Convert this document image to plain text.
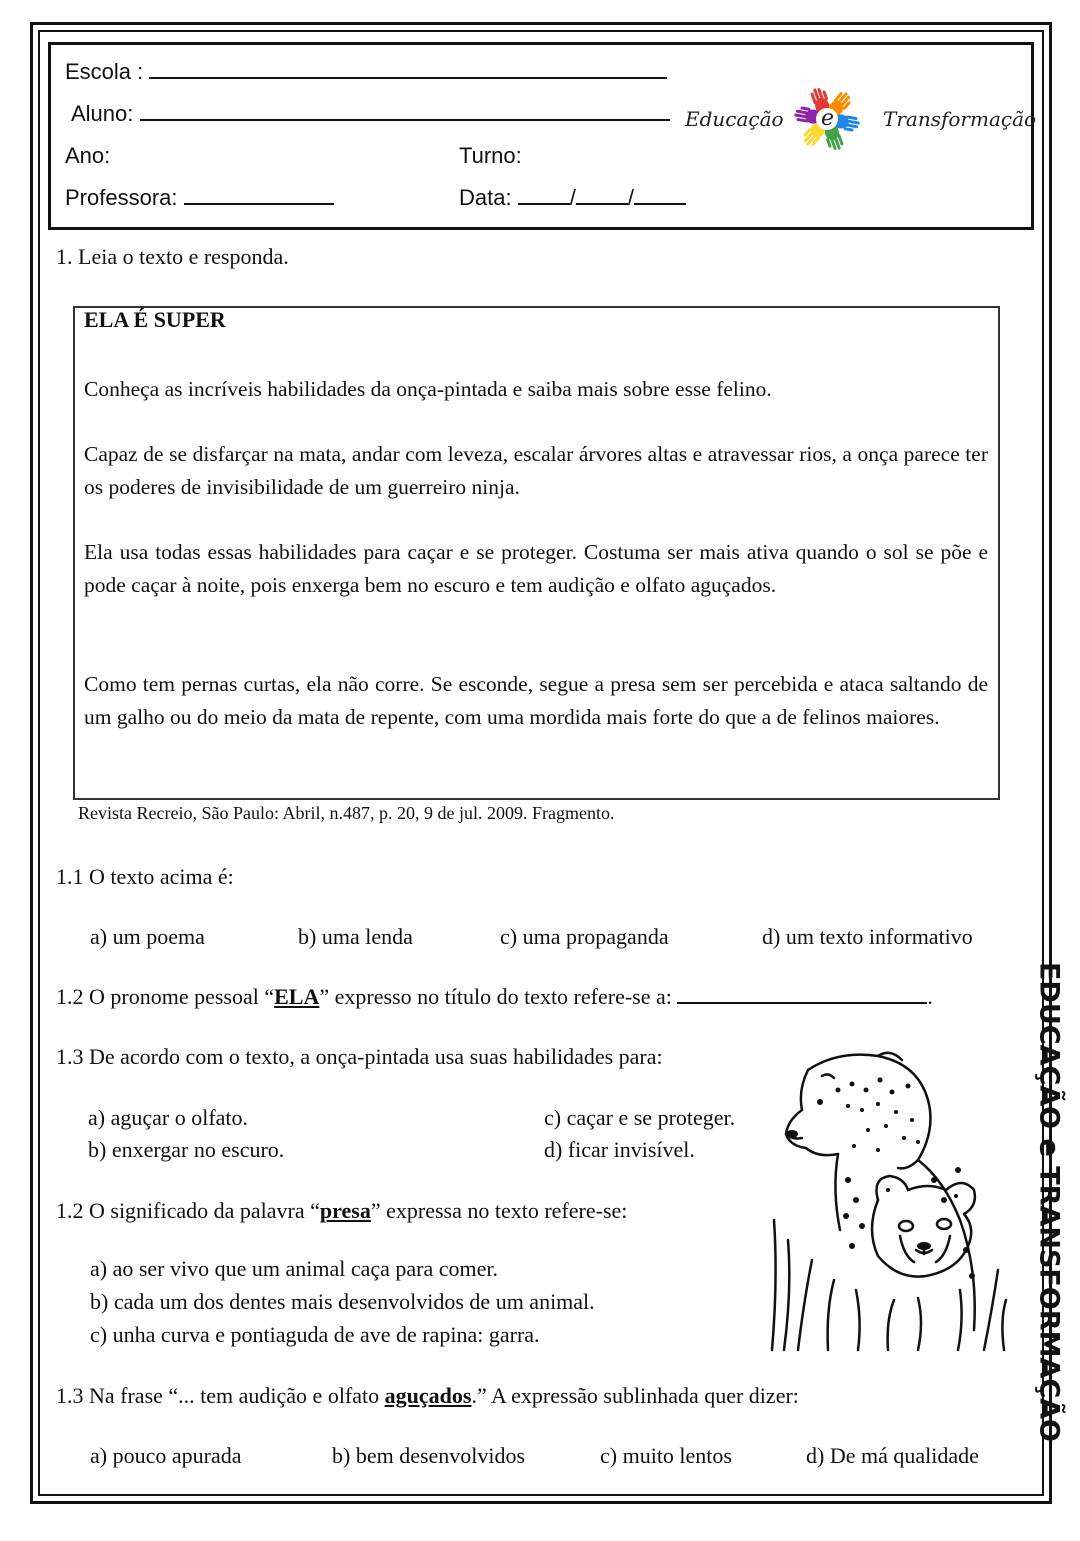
Escola :
Aluno:
Ano:	Turno:
Professora:	Data:	/ /
Educação e Transformação
1. Leia o texto e responda.
ELA É SUPER
Conheça as incríveis habilidades da onça-pintada e saiba mais sobre esse felino.
Capaz de se disfarçar na mata, andar com leveza, escalar árvores altas e atravessar rios, a onça parece ter os poderes de invisibilidade de um guerreiro ninja.
Ela usa todas essas habilidades para caçar e se proteger. Costuma ser mais ativa quando o sol se põe e pode caçar à noite, pois enxerga bem no escuro e tem audição e olfato aguçados.
Como tem pernas curtas, ela não corre. Se esconde, segue a presa sem ser percebida e ataca saltando de um galho ou do meio da mata de repente, com uma mordida mais forte do que a de felinos maiores.
Revista Recreio, São Paulo: Abril, n.487, p. 20, 9 de jul. 2009. Fragmento.
1.1 O texto acima é:
a) um poema	b) uma lenda	c) uma propaganda	d) um texto informativo
1.2 O pronome pessoal “ELA” expresso no título do texto refere-se a:	.
1.3 De acordo com o texto, a onça-pintada usa suas habilidades para:
a) aguçar o olfato.
b) enxergar no escuro.
c) caçar e se proteger.
d) ficar invisível.
1.2 O significado da palavra “presa” expressa no texto refere-se:
a) ao ser vivo que um animal caça para comer.
b) cada um dos dentes mais desenvolvidos de um animal.
c) unha curva e pontiaguda de ave de rapina: garra.
1.3 Na frase “... tem audição e olfato aguçados.” A expressão sublinhada quer dizer:
a) pouco apurada	b) bem desenvolvidos	c) muito lentos	d) De má qualidade
EDUCAÇÃO e TRANSFORMAÇÃO
